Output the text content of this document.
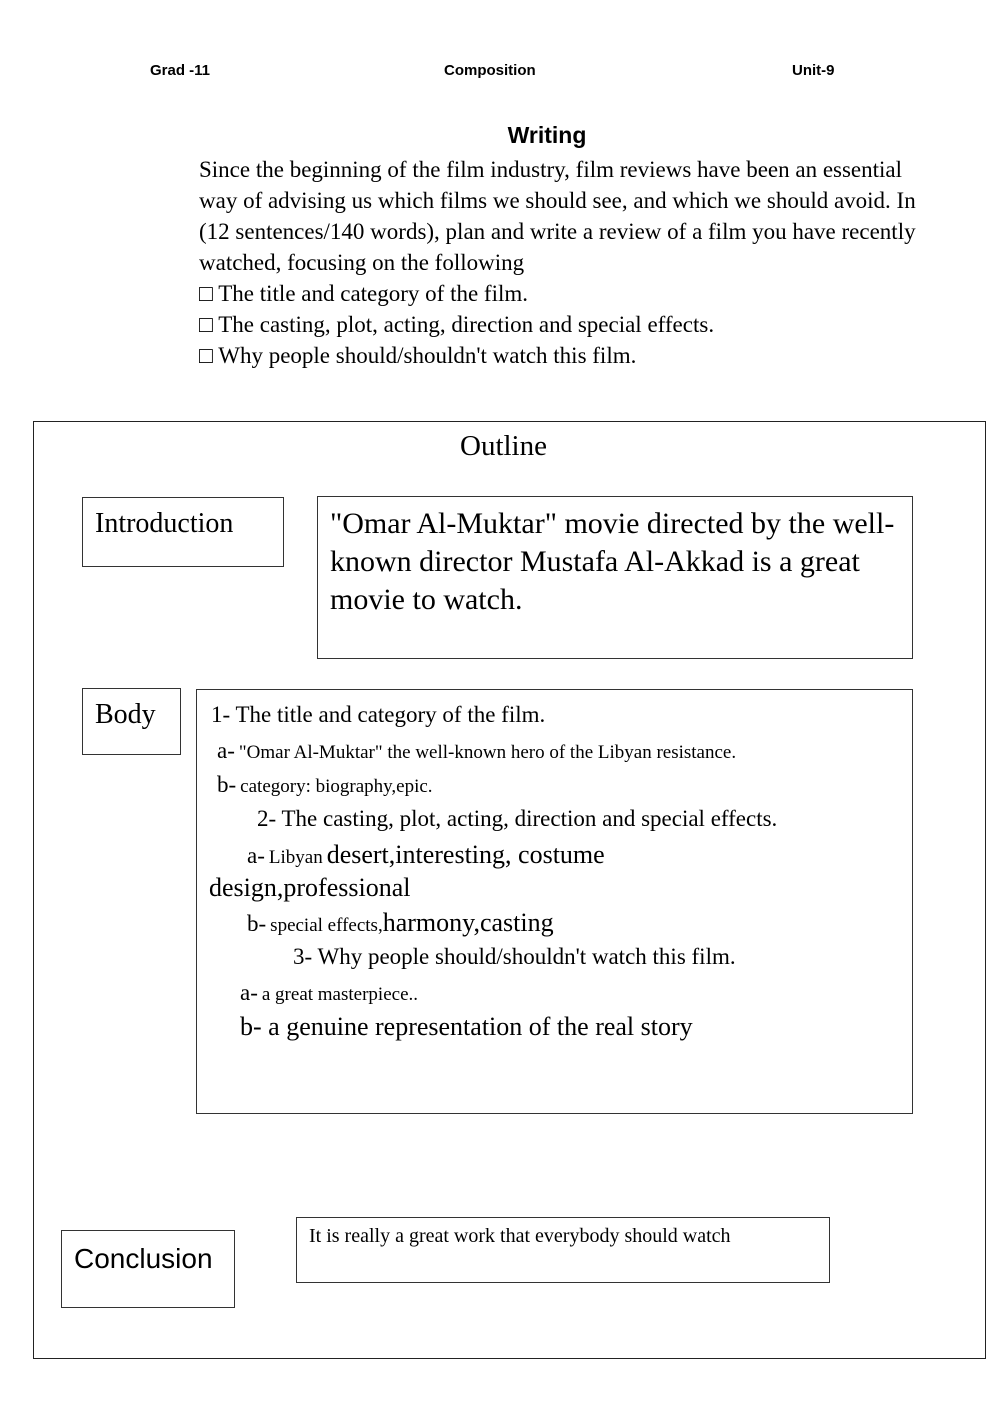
Grad -11	Composition	Unit-9
Writing

Since the beginning of the film industry, film reviews have been an essential way of advising us which films we should see, and which we should avoid. In (12 sentences/140 words), plan and write a review of a film you have recently watched, focusing on the following

□ The title and category of the film.

□ The casting, plot, acting, direction and special effects.

□ Why people should/shouldn't watch this film.

Outline
Introduction	"Omar Al-Muktar" movie directed by the well-known director Mustafa Al-Akkad is a great movie to watch.
Body	1- The title and category of the film.
a- "Omar Al-Muktar" the well-known hero of the Libyan resistance.
b- category: biography,epic.
2- The casting, plot, acting, direction and special effects.
a- Libyan desert,interesting, costume
design,professional
b- special effects,harmony,casting
3- Why people should/shouldn't watch this film.
a- a great masterpiece..
b- a genuine representation of the real story
Conclusion
It is really a great work that everybody should watch
